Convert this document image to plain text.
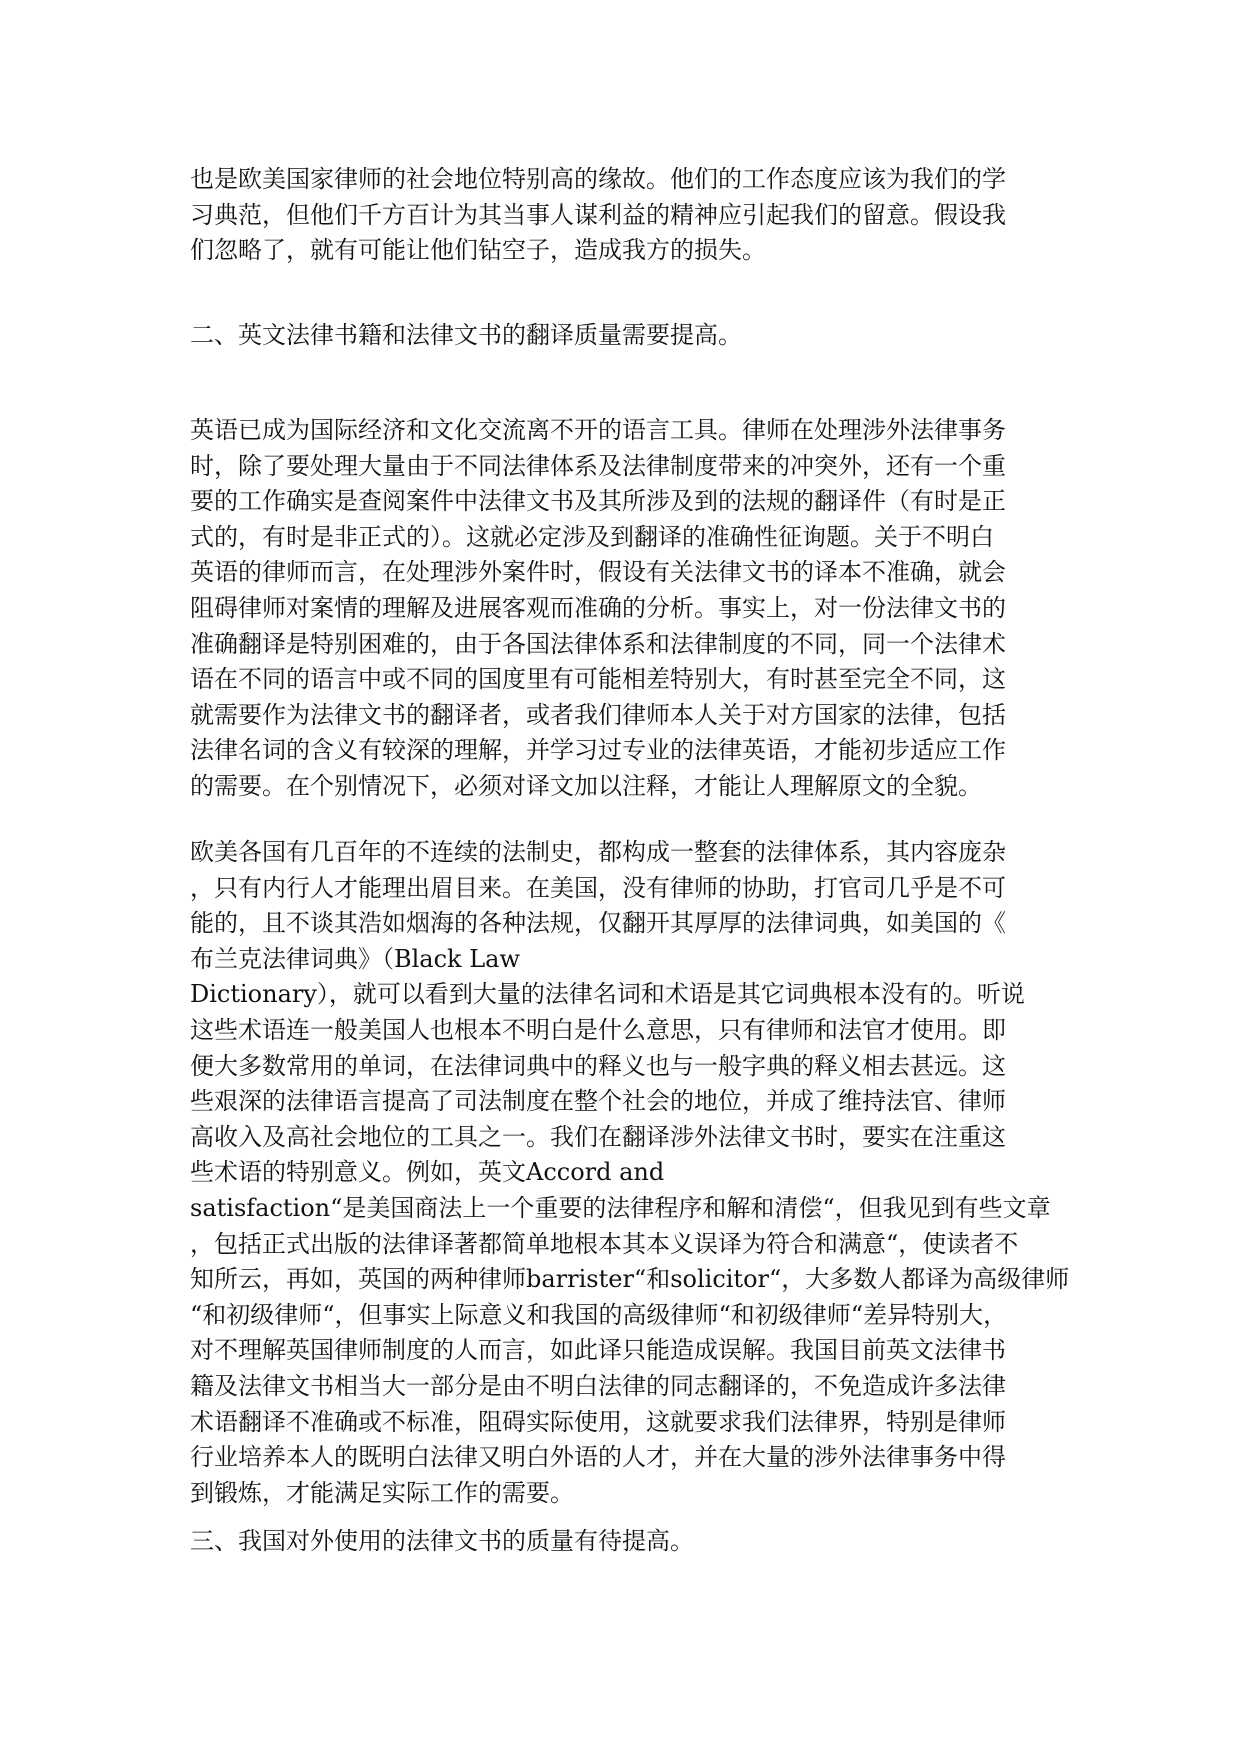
也是欧美国家律师的社会地位特别高的缘故。他们的工作态度应该为我们的学
习典范，但他们千方百计为其当事人谋利益的精神应引起我们的留意。假设我
们忽略了，就有可能让他们钻空子，造成我方的损失。
二、英文法律书籍和法律文书的翻译质量需要提高。
英语已成为国际经济和文化交流离不开的语言工具。律师在处理涉外法律事务
时，除了要处理大量由于不同法律体系及法律制度带来的冲突外，还有一个重
要的工作确实是查阅案件中法律文书及其所涉及到的法规的翻译件（有时是正
式的，有时是非正式的）。这就必定涉及到翻译的准确性征询题。关于不明白
英语的律师而言，在处理涉外案件时，假设有关法律文书的译本不准确，就会
阻碍律师对案情的理解及进展客观而准确的分析。事实上，对一份法律文书的
准确翻译是特别困难的，由于各国法律体系和法律制度的不同，同一个法律术
语在不同的语言中或不同的国度里有可能相差特别大，有时甚至完全不同，这
就需要作为法律文书的翻译者，或者我们律师本人关于对方国家的法律，包括
法律名词的含义有较深的理解，并学习过专业的法律英语，才能初步适应工作
的需要。在个别情况下，必须对译文加以注释，才能让人理解原文的全貌。
欧美各国有几百年的不连续的法制史，都构成一整套的法律体系，其内容庞杂
，只有内行人才能理出眉目来。在美国，没有律师的协助，打官司几乎是不可
能的，且不谈其浩如烟海的各种法规，仅翻开其厚厚的法律词典，如美国的《
布兰克法律词典》（Black Law
Dictionary），就可以看到大量的法律名词和术语是其它词典根本没有的。听说
这些术语连一般美国人也根本不明白是什么意思，只有律师和法官才使用。即
便大多数常用的单词，在法律词典中的释义也与一般字典的释义相去甚远。这
些艰深的法律语言提高了司法制度在整个社会的地位，并成了维持法官、律师
高收入及高社会地位的工具之一。我们在翻译涉外法律文书时，要实在注重这
些术语的特别意义。例如，英文Accord and
satisfaction“是美国商法上一个重要的法律程序和解和清偿“，但我见到有些文章
，包括正式出版的法律译著都简单地根本其本义误译为符合和满意“，使读者不
知所云，再如，英国的两种律师barrister“和solicitor“，大多数人都译为高级律师
“和初级律师“，但事实上际意义和我国的高级律师“和初级律师“差异特别大，
对不理解英国律师制度的人而言，如此译只能造成误解。我国目前英文法律书
籍及法律文书相当大一部分是由不明白法律的同志翻译的，不免造成许多法律
术语翻译不准确或不标准，阻碍实际使用，这就要求我们法律界，特别是律师
行业培养本人的既明白法律又明白外语的人才，并在大量的涉外法律事务中得
到锻炼，才能满足实际工作的需要。
三、我国对外使用的法律文书的质量有待提高。
